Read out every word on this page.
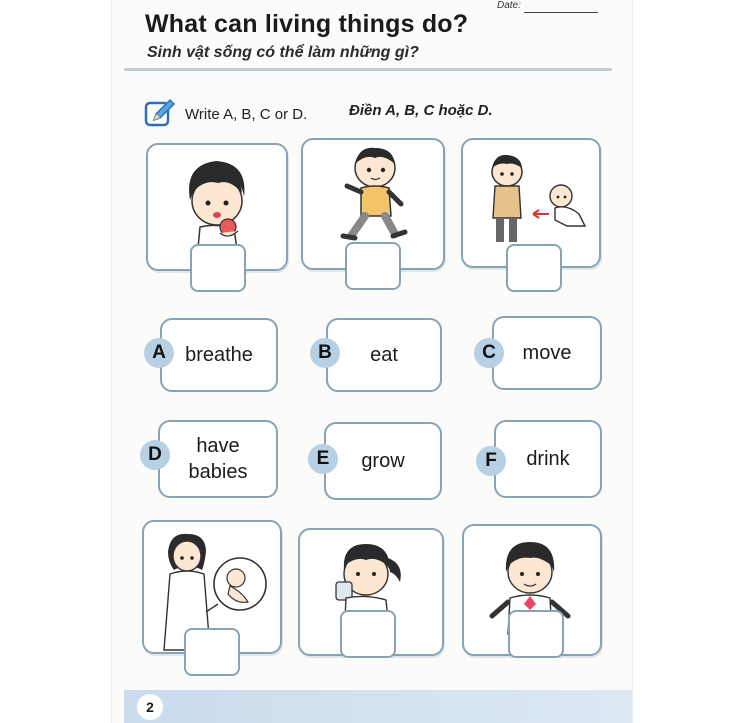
Date:
What can living things do?
Sinh vật sống có thể làm những gì?
Write A, B, C or D.	Điền A, B, C hoặc D.
breathe
A	eat
B	move
C
have
babies
D	grow
E	drink
F
2
